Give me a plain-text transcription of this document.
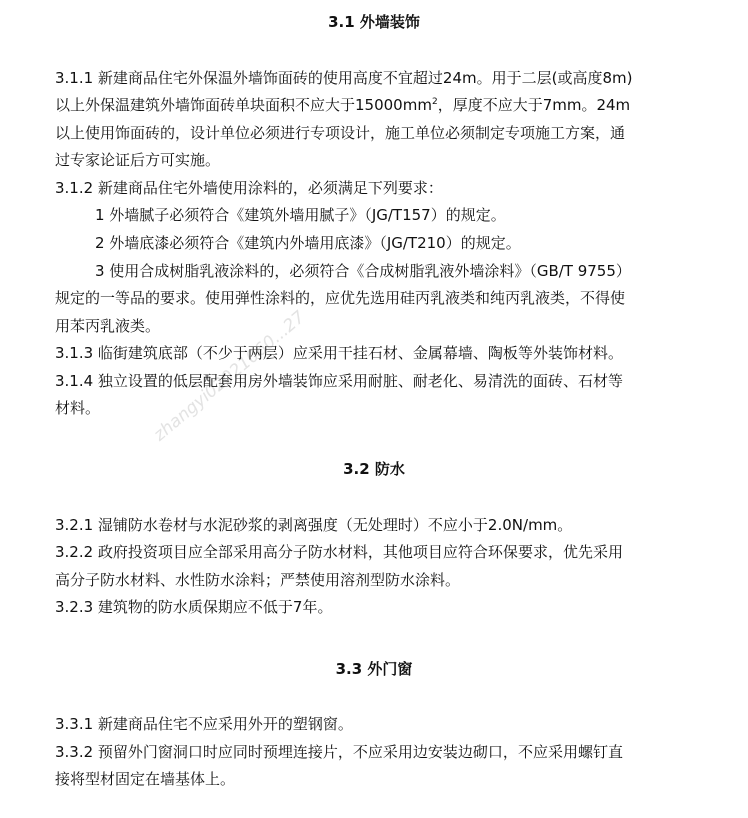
zhangyi02021060...27
3.1 外墙装饰
3.1.1 新建商品住宅外保温外墙饰面砖的使用高度不宜超过24m。用于二层(或高度8m)
以上外保温建筑外墙饰面砖单块面积不应大于$15000mm^2$，厚度不应大于7mm。24m
以上使用饰面砖的，设计单位必须进行专项设计，施工单位必须制定专项施工方案，通
过专家论证后方可实施。
3.1.2 新建商品住宅外墙使用涂料的，必须满足下列要求：
1 外墙腻子必须符合《建筑外墙用腻子》（JG/T157）的规定。
2 外墙底漆必须符合《建筑内外墙用底漆》（JG/T210）的规定。
3 使用合成树脂乳液涂料的，必须符合《合成树脂乳液外墙涂料》（GB/T 9755）
规定的一等品的要求。使用弹性涂料的，应优先选用硅丙乳液类和纯丙乳液类，不得使
用苯丙乳液类。
3.1.3 临街建筑底部（不少于两层）应采用干挂石材、金属幕墙、陶板等外装饰材料。
3.1.4 独立设置的低层配套用房外墙装饰应采用耐脏、耐老化、易清洗的面砖、石材等
材料。
3.2 防水
3.2.1 湿铺防水卷材与水泥砂浆的剥离强度（无处理时）不应小于2.0N/mm。
3.2.2 政府投资项目应全部采用高分子防水材料，其他项目应符合环保要求，优先采用
高分子防水材料、水性防水涂料；严禁使用溶剂型防水涂料。
3.2.3 建筑物的防水质保期应不低于7年。
3.3 外门窗
3.3.1 新建商品住宅不应采用外开的塑钢窗。
3.3.2 预留外门窗洞口时应同时预埋连接片，不应采用边安装边砌口，不应采用螺钉直
接将型材固定在墙基体上。
